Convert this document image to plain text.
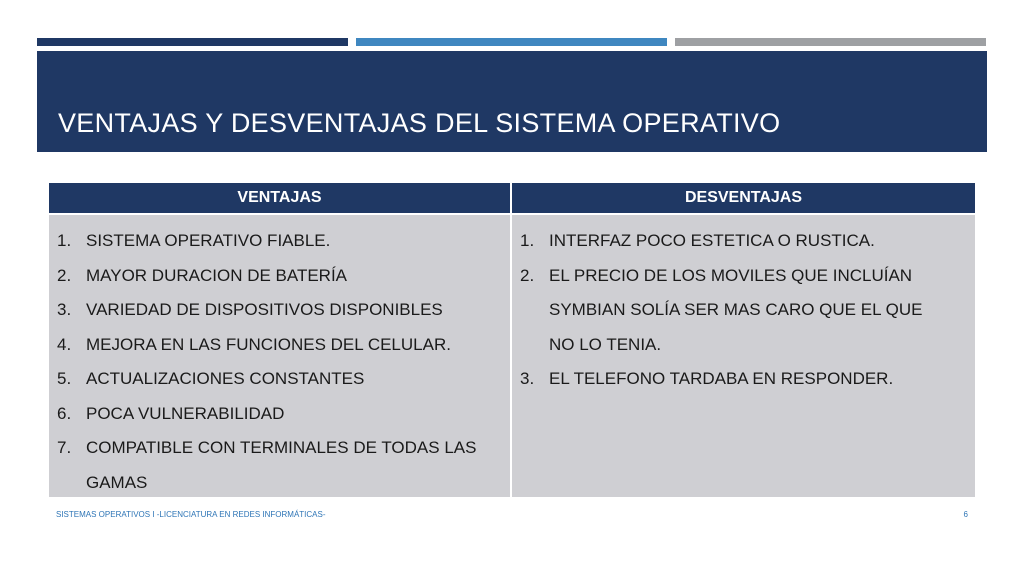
VENTAJAS Y DESVENTAJAS DEL SISTEMA OPERATIVO
VENTAJAS
1. SISTEMA OPERATIVO FIABLE.
2. MAYOR DURACION DE BATERÍA
3. VARIEDAD DE DISPOSITIVOS DISPONIBLES
4. MEJORA EN LAS FUNCIONES DEL CELULAR.
5. ACTUALIZACIONES CONSTANTES
6. POCA VULNERABILIDAD
7. COMPATIBLE CON TERMINALES DE TODAS LAS
GAMAS
DESVENTAJAS
1. INTERFAZ POCO ESTETICA O RUSTICA.
2. EL PRECIO DE LOS MOVILES QUE INCLUÍAN
SYMBIAN SOLÍA SER MAS CARO QUE EL QUE
NO LO TENIA.
3. EL TELEFONO TARDABA EN RESPONDER.
SISTEMAS OPERATIVOS I -LICENCIATURA EN REDES INFORMÁTICAS-	6
